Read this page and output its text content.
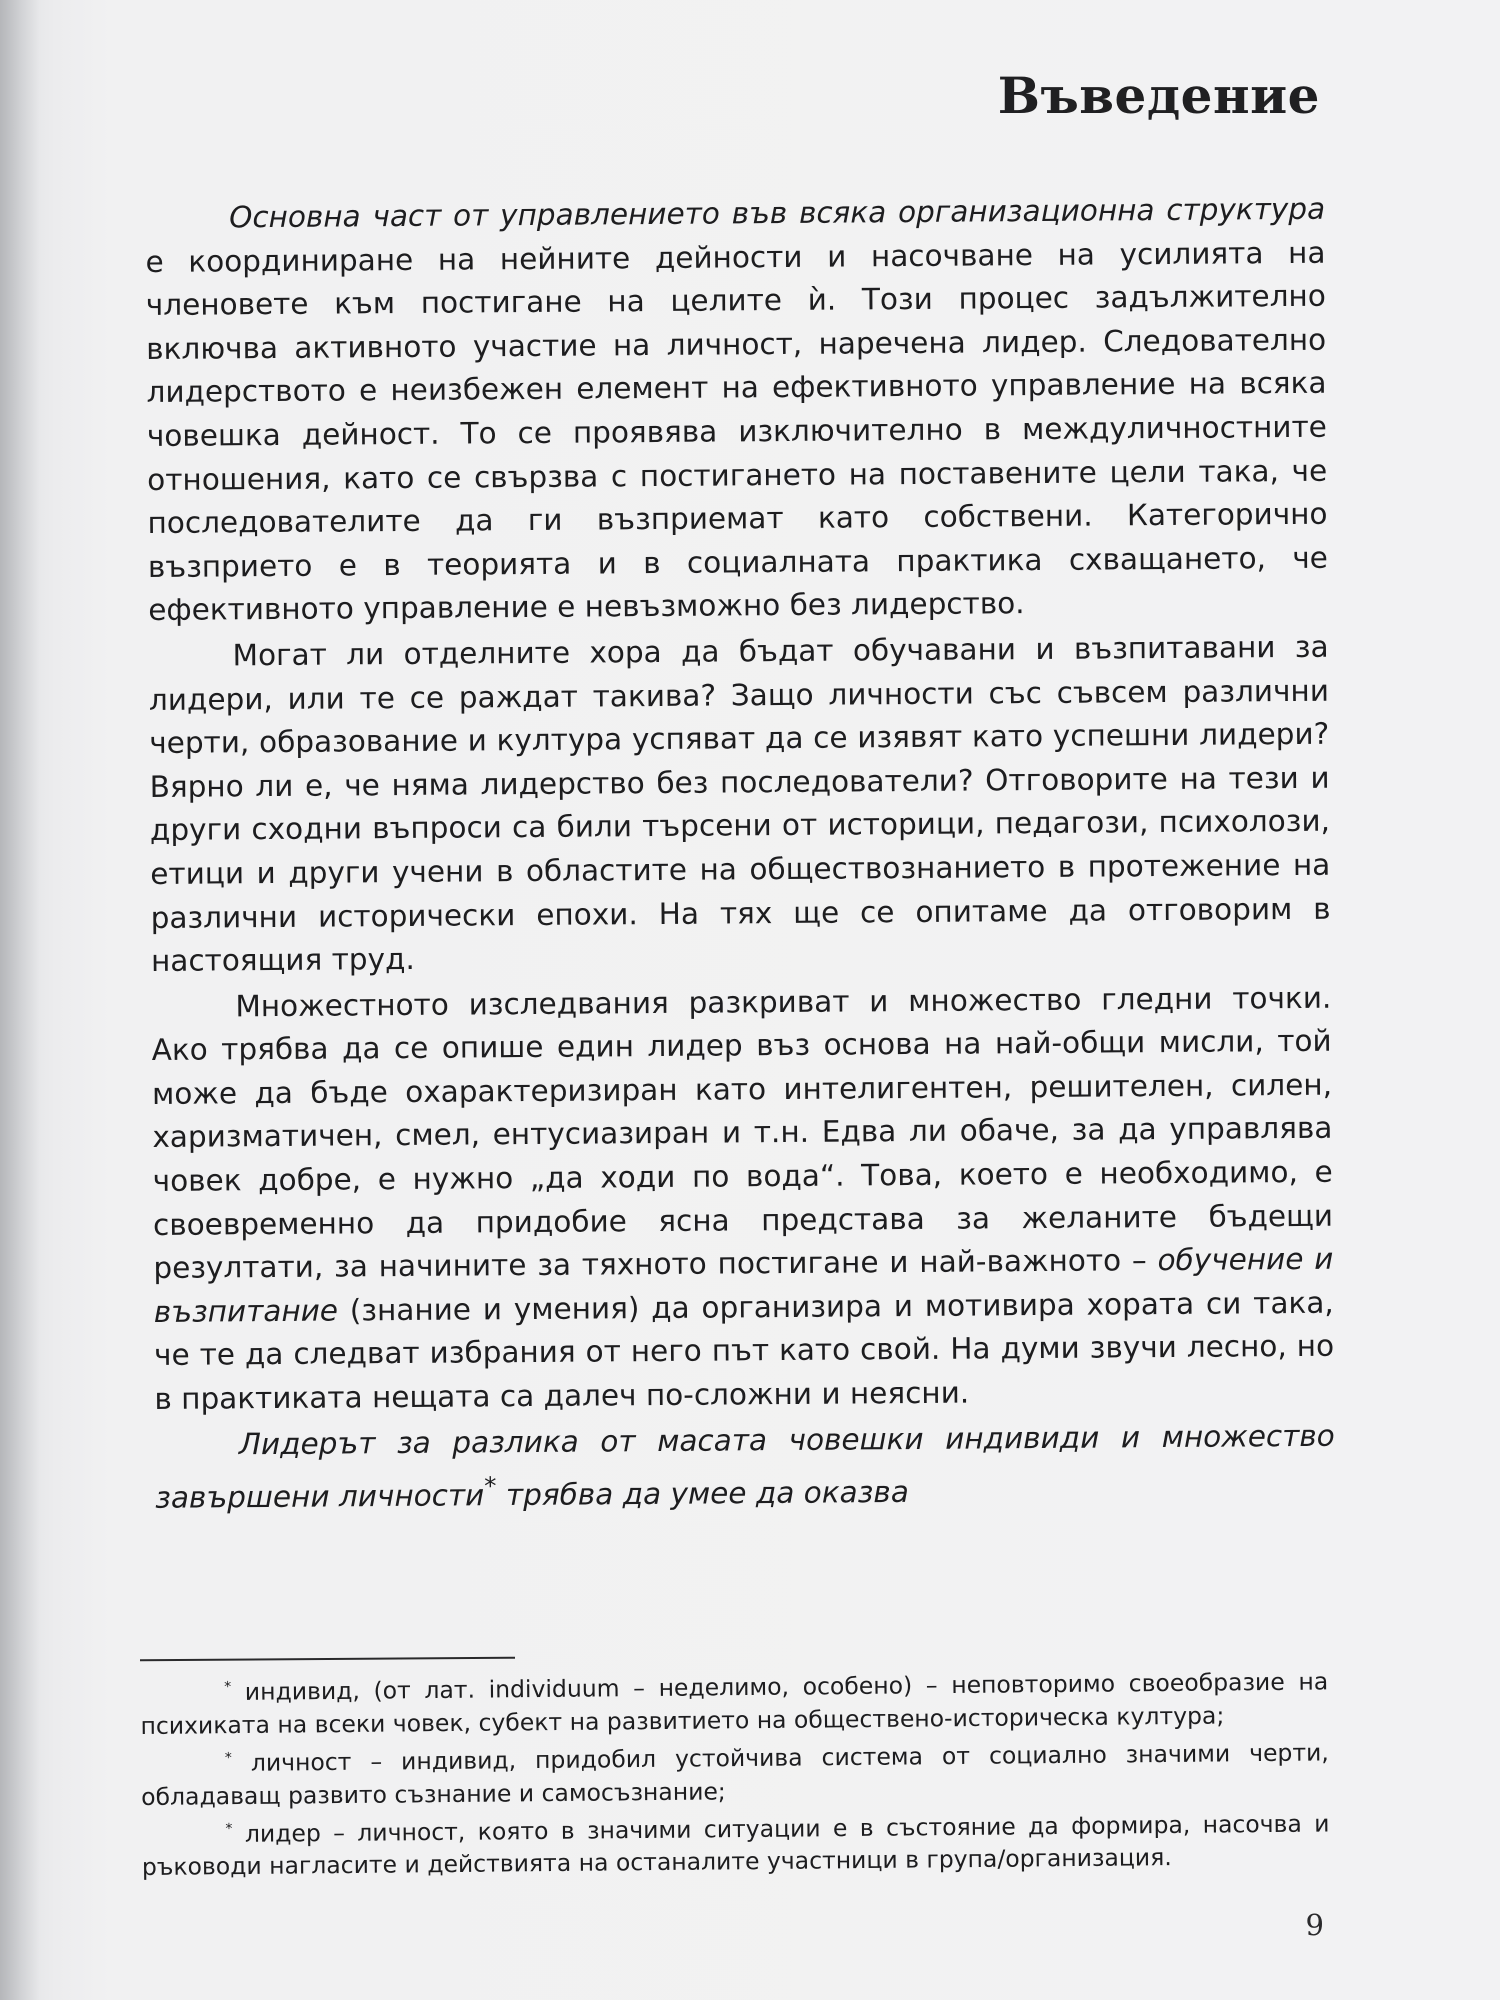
Въведение

Основна част от управлението във всяка организационна структура е координиране на нейните дейности и насочване на усилията на членовете към постигане на целите ѝ. Този процес задължително включва активното участие на личност, наречена лидер. Следователно лидерството е неизбежен елемент на ефективното управление на всяка човешка дейност. То се проявява изключително в междуличностните отношения, като се свързва с постигането на поставените цели така, че последователите да ги възприемат като собствени. Категорично възприето е в теорията и в социалната практика схващането, че ефективното управление е невъзможно без лидерство.

Могат ли отделните хора да бъдат обучавани и възпитавани за лидери, или те се раждат такива? Защо личности със съвсем различни черти, образование и култура успяват да се изявят като успешни лидери? Вярно ли е, че няма лидерство без последователи? Отговорите на тези и други сходни въпроси са били търсени от историци, педагози, психолози, етици и други учени в областите на обществознанието в протежение на различни исторически епохи. На тях ще се опитаме да отговорим в настоящия труд.

Множестното изследвания разкриват и множество гледни точки. Ако трябва да се опише един лидер въз основа на най-общи мисли, той може да бъде охарактеризиран като интелигентен, решителен, силен, харизматичен, смел, ентусиазиран и т.н. Едва ли обаче, за да управлява човек добре, е нужно „да ходи по вода“. Това, което е необходимо, е своевременно да придобие ясна представа за желаните бъдещи резултати, за начините за тяхното постигане и най-важното – обучение и възпитание (знание и умения) да организира и мотивира хората си така, че те да следват избрания от него път като свой. На думи звучи лесно, но в практиката нещата са далеч по-сложни и неясни.

Лидерът за разлика от масата човешки индивиди и множество завършени личности* трябва да умее да оказва

* индивид, (от лат. individuum – неделимо, особено) – неповторимо своеобразие на психиката на всеки човек, субект на развитието на обществено-историческа култура;

* личност – индивид, придобил устойчива система от социално значими черти, обладаващ развито съзнание и самосъзнание;

* лидер – личност, която в значими ситуации е в състояние да формира, насочва и ръководи нагласите и действията на останалите участници в група/организация.

9
